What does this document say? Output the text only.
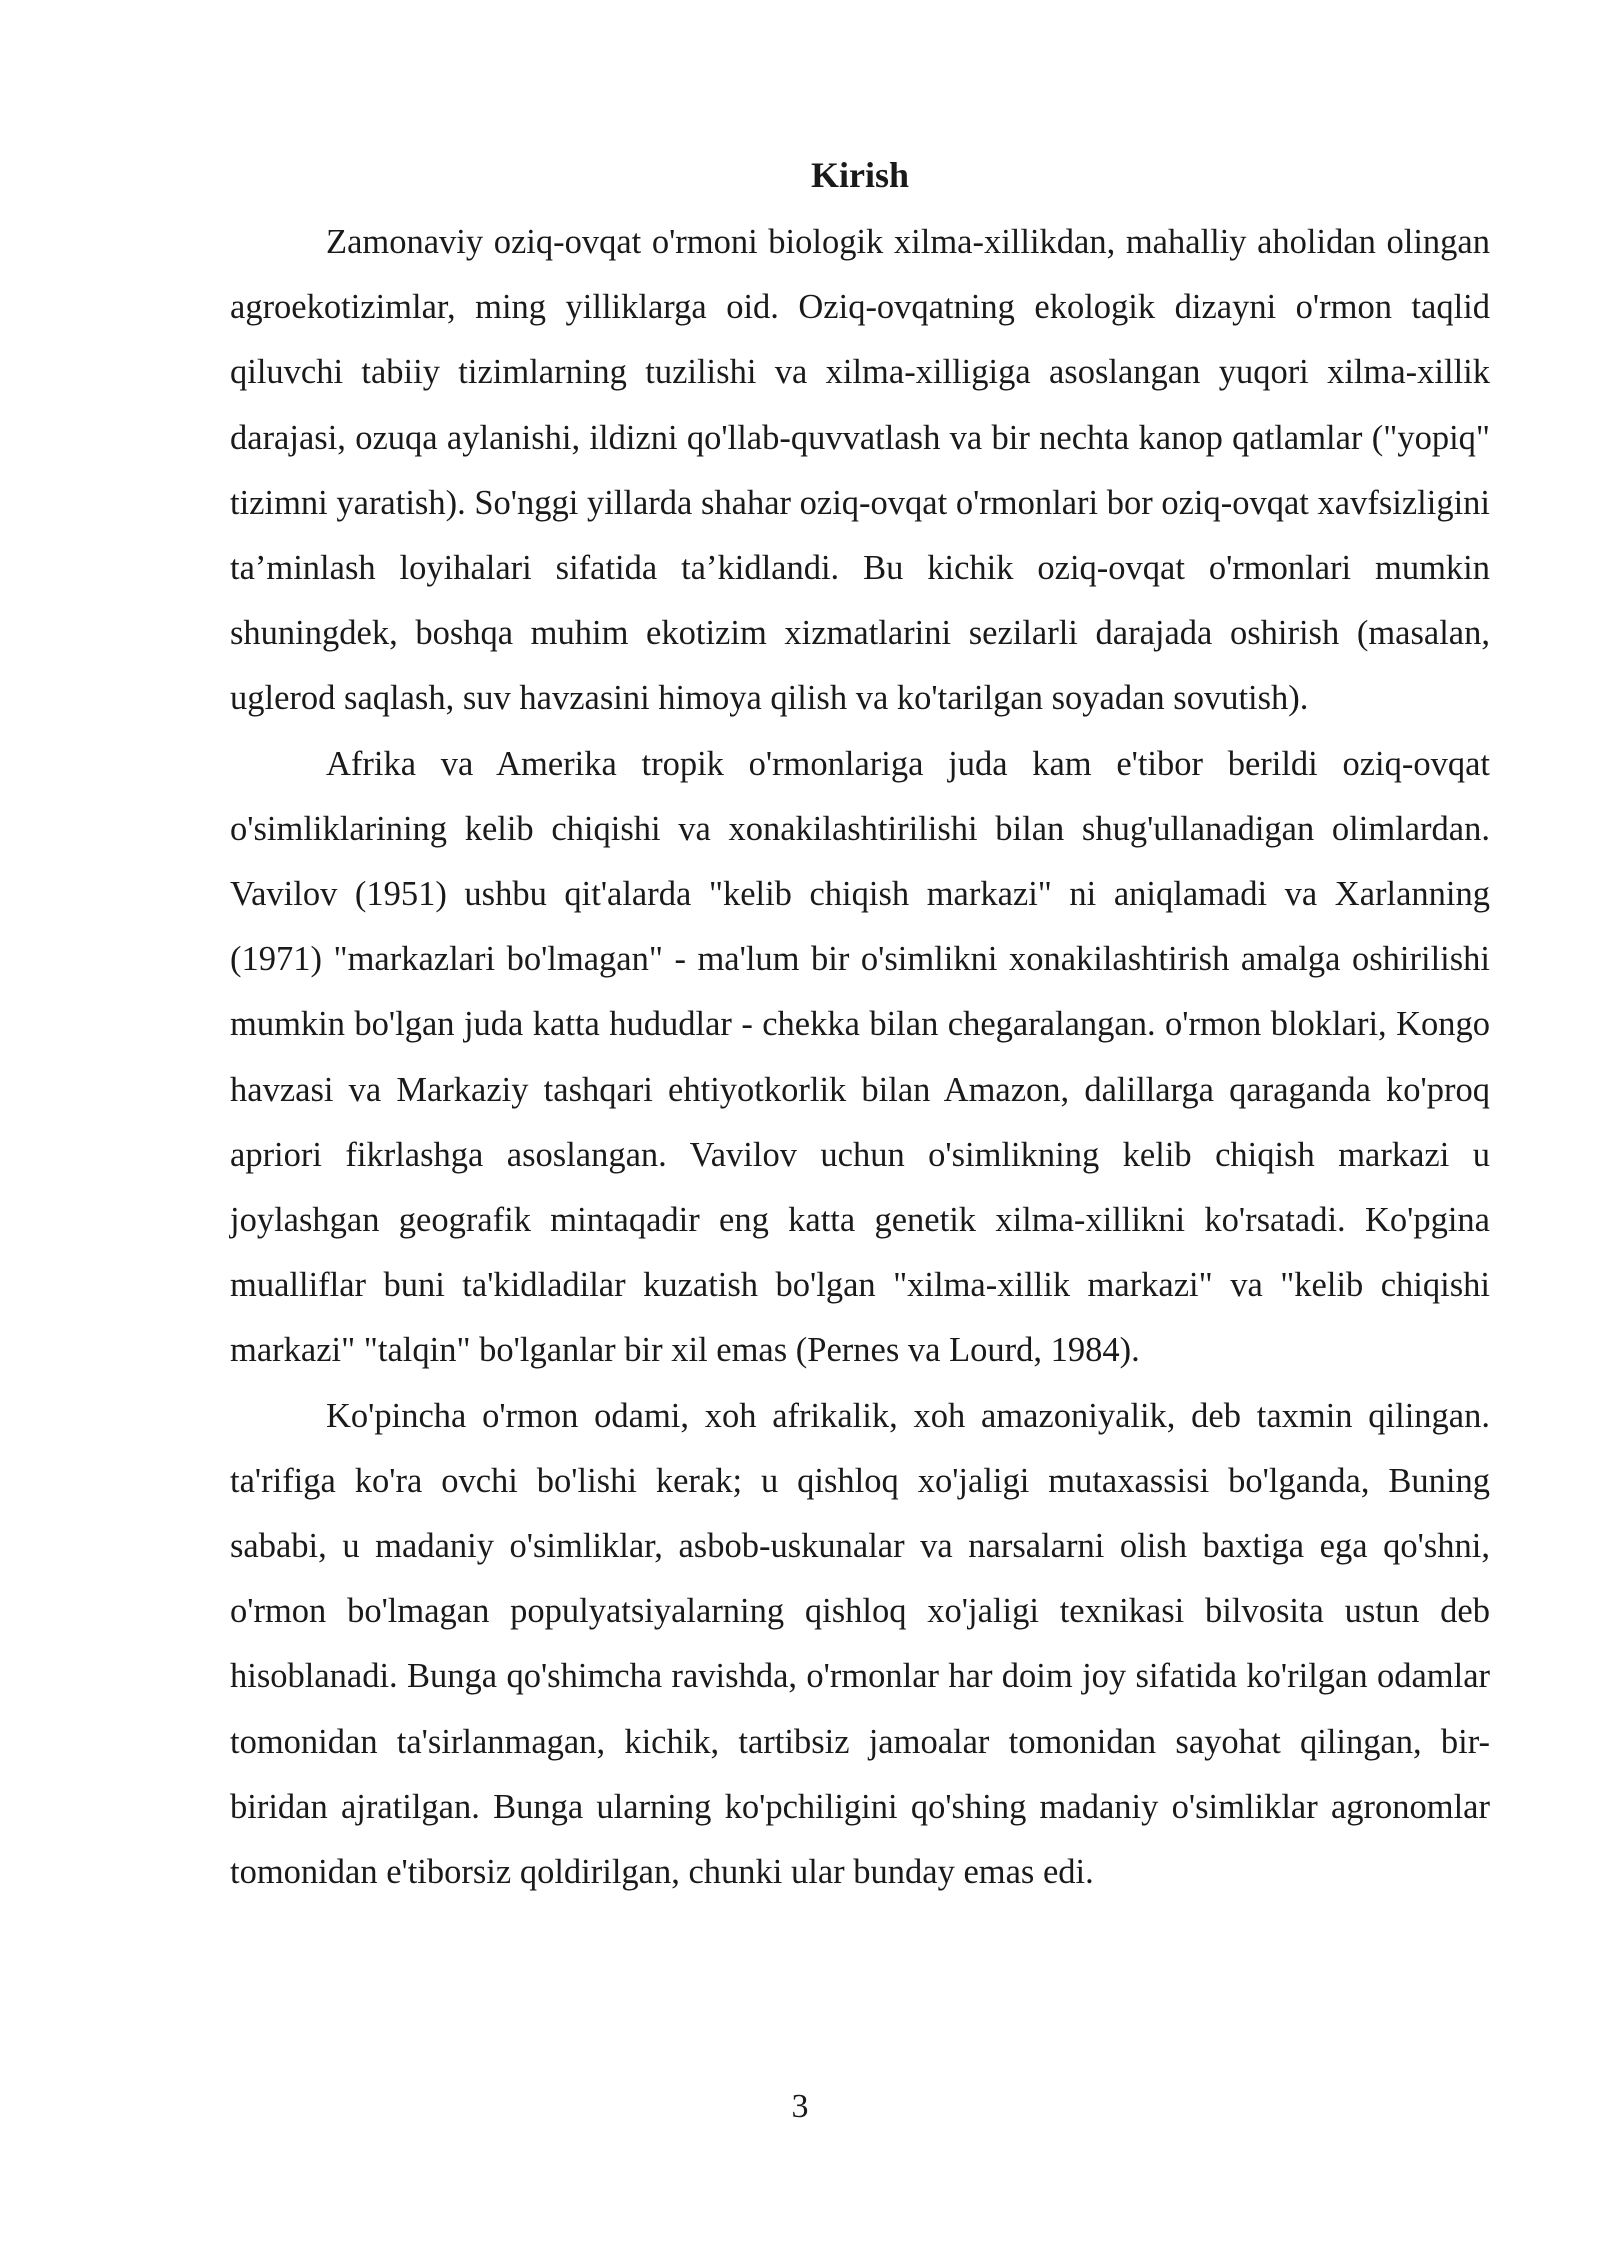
Kirish

Zamonaviy oziq-ovqat o'rmoni biologik xilma-xillikdan, mahalliy aholidan olingan agroekotizimlar, ming yilliklarga oid. Oziq-ovqatning ekologik dizayni o'rmon taqlid qiluvchi tabiiy tizimlarning tuzilishi va xilma-xilligiga asoslangan yuqori xilma-xillik darajasi, ozuqa aylanishi, ildizni qo'llab-quvvatlash va bir nechta kanop qatlamlar ("yopiq" tizimni yaratish). So'nggi yillarda shahar oziq-ovqat o'rmonlari bor oziq-ovqat xavfsizligini ta’minlash loyihalari sifatida ta’kidlandi. Bu kichik oziq-ovqat o'rmonlari mumkin shuningdek, boshqa muhim ekotizim xizmatlarini sezilarli darajada oshirish (masalan, uglerod saqlash, suv havzasini himoya qilish va ko'tarilgan soyadan sovutish).

Afrika va Amerika tropik o'rmonlariga juda kam e'tibor berildi oziq-ovqat o'simliklarining kelib chiqishi va xonakilashtirilishi bilan shug'ullanadigan olimlardan. Vavilov (1951) ushbu qit'alarda "kelib chiqish markazi" ni aniqlamadi va Xarlanning (1971) "markazlari bo'lmagan" - ma'lum bir o'simlikni xonakilashtirish amalga oshirilishi mumkin bo'lgan juda katta hududlar - chekka bilan chegaralangan. o'rmon bloklari, Kongo havzasi va Markaziy tashqari ehtiyotkorlik bilan Amazon, dalillarga qaraganda ko'proq apriori fikrlashga asoslangan. Vavilov uchun o'simlikning kelib chiqish markazi u joylashgan geografik mintaqadir eng katta genetik xilma-xillikni ko'rsatadi. Ko'pgina mualliflar buni ta'kidladilar kuzatish bo'lgan "xilma-xillik markazi" va "kelib chiqishi markazi" "talqin" bo'lganlar bir xil emas (Pernes va Lourd, 1984).

Ko'pincha o'rmon odami, xoh afrikalik, xoh amazoniyalik, deb taxmin qilingan. ta'rifiga ko'ra ovchi bo'lishi kerak; u qishloq xo'jaligi mutaxassisi bo'lganda, Buning sababi, u madaniy o'simliklar, asbob-uskunalar va narsalarni olish baxtiga ega qo'shni, o'rmon bo'lmagan populyatsiyalarning qishloq xo'jaligi texnikasi bilvosita ustun deb hisoblanadi. Bunga qo'shimcha ravishda, o'rmonlar har doim joy sifatida ko'rilgan odamlar tomonidan ta'sirlanmagan, kichik, tartibsiz jamoalar tomonidan sayohat qilingan, bir-biridan ajratilgan. Bunga ularning ko'pchiligini qo'shing madaniy o'simliklar agronomlar tomonidan e'tiborsiz qoldirilgan, chunki ular bunday emas edi.

3
